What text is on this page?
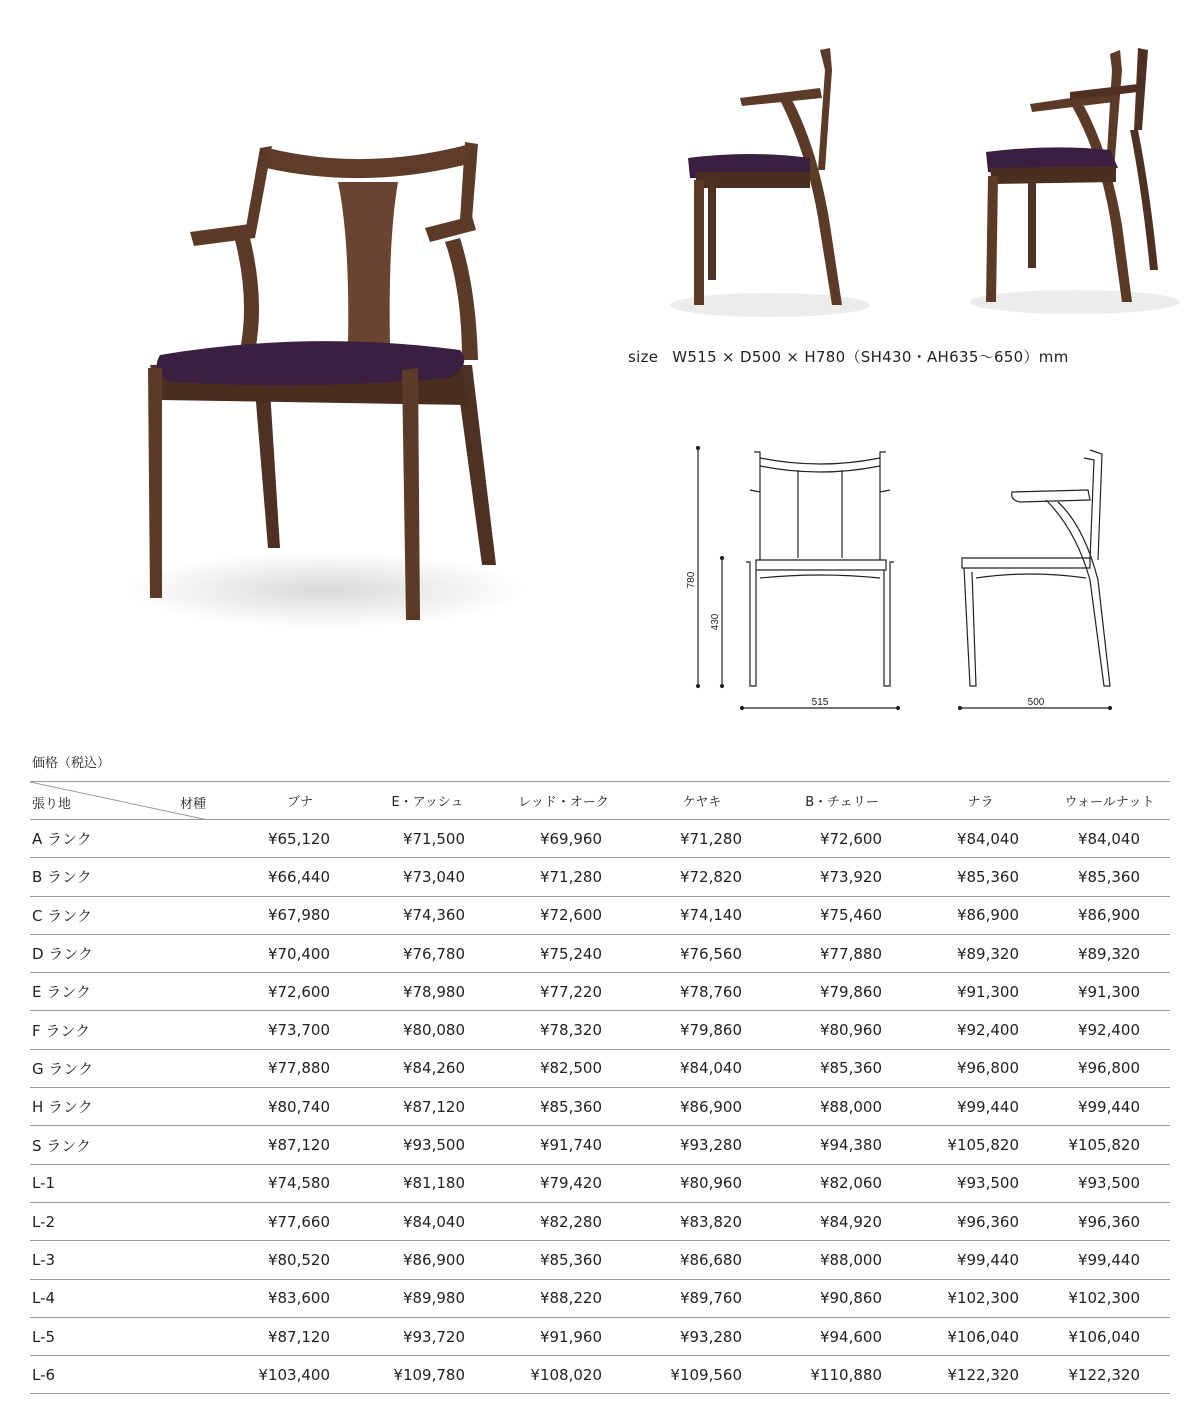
size W515 × D500 × H780（SH430・AH635〜650）mm
780
430
515	500
価格（税込）
張り地 材種	ブナ	E・アッシュ	レッド・オーク	ケヤキ	B・チェリー	ナラ	ウォールナット
A ランク	¥65,120	¥71,500	¥69,960	¥71,280	¥72,600	¥84,040	¥84,040
B ランク	¥66,440	¥73,040	¥71,280	¥72,820	¥73,920	¥85,360	¥85,360
C ランク	¥67,980	¥74,360	¥72,600	¥74,140	¥75,460	¥86,900	¥86,900
D ランク	¥70,400	¥76,780	¥75,240	¥76,560	¥77,880	¥89,320	¥89,320
E ランク	¥72,600	¥78,980	¥77,220	¥78,760	¥79,860	¥91,300	¥91,300
F ランク	¥73,700	¥80,080	¥78,320	¥79,860	¥80,960	¥92,400	¥92,400
G ランク	¥77,880	¥84,260	¥82,500	¥84,040	¥85,360	¥96,800	¥96,800
H ランク	¥80,740	¥87,120	¥85,360	¥86,900	¥88,000	¥99,440	¥99,440
S ランク	¥87,120	¥93,500	¥91,740	¥93,280	¥94,380	¥105,820	¥105,820
L-1	¥74,580	¥81,180	¥79,420	¥80,960	¥82,060	¥93,500	¥93,500
L-2	¥77,660	¥84,040	¥82,280	¥83,820	¥84,920	¥96,360	¥96,360
L-3	¥80,520	¥86,900	¥85,360	¥86,680	¥88,000	¥99,440	¥99,440
L-4	¥83,600	¥89,980	¥88,220	¥89,760	¥90,860	¥102,300	¥102,300
L-5	¥87,120	¥93,720	¥91,960	¥93,280	¥94,600	¥106,040	¥106,040
L-6	¥103,400	¥109,780	¥108,020	¥109,560	¥110,880	¥122,320	¥122,320
